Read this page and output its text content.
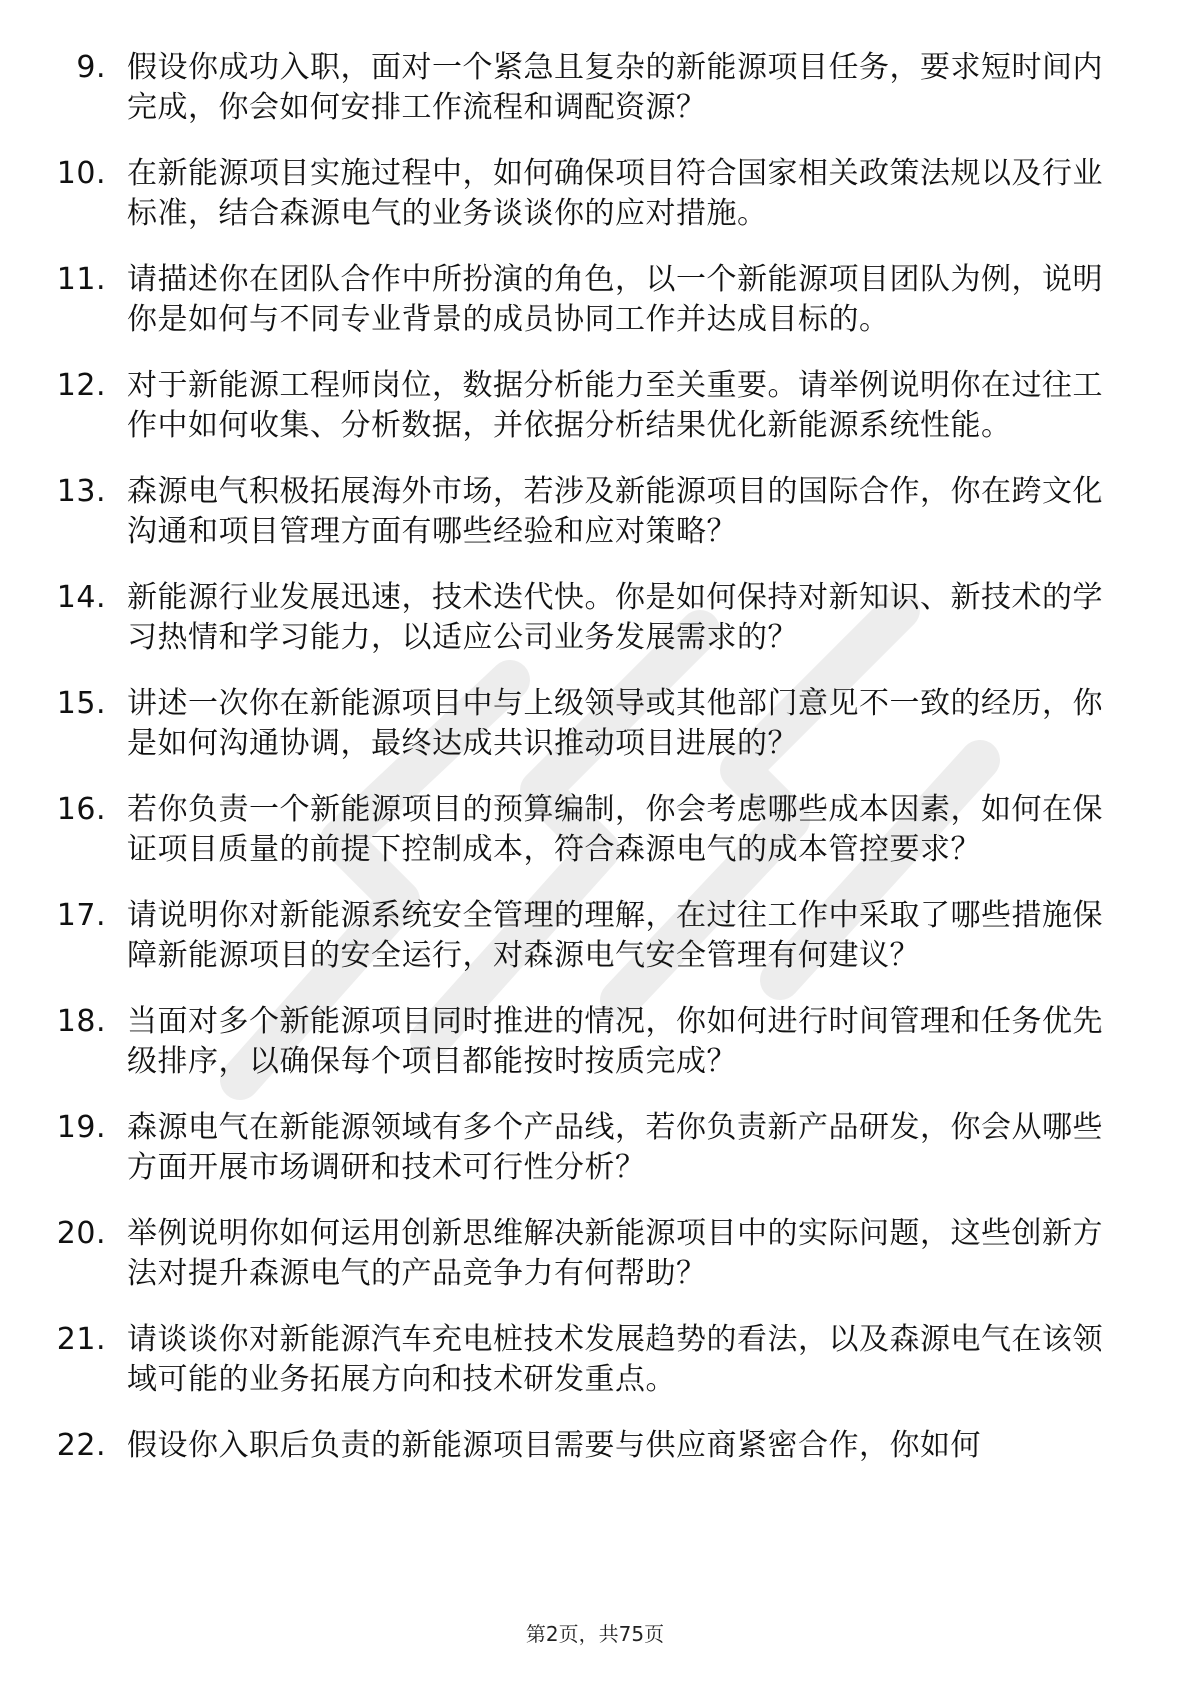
9. 假设你成功入职，面对一个紧急且复杂的新能源项目任务，要求短时间内完成，你会如何安排工作流程和调配资源？
10. 在新能源项目实施过程中，如何确保项目符合国家相关政策法规以及行业标准，结合森源电气的业务谈谈你的应对措施。
11. 请描述你在团队合作中所扮演的角色，以一个新能源项目团队为例，说明你是如何与不同专业背景的成员协同工作并达成目标的。
12. 对于新能源工程师岗位，数据分析能力至关重要。请举例说明你在过往工作中如何收集、分析数据，并依据分析结果优化新能源系统性能。
13. 森源电气积极拓展海外市场，若涉及新能源项目的国际合作，你在跨文化沟通和项目管理方面有哪些经验和应对策略？
14. 新能源行业发展迅速，技术迭代快。你是如何保持对新知识、新技术的学习热情和学习能力，以适应公司业务发展需求的？
15. 讲述一次你在新能源项目中与上级领导或其他部门意见不一致的经历，你是如何沟通协调，最终达成共识推动项目进展的？
16. 若你负责一个新能源项目的预算编制，你会考虑哪些成本因素，如何在保证项目质量的前提下控制成本，符合森源电气的成本管控要求？
17. 请说明你对新能源系统安全管理的理解，在过往工作中采取了哪些措施保障新能源项目的安全运行，对森源电气安全管理有何建议？
18. 当面对多个新能源项目同时推进的情况，你如何进行时间管理和任务优先级排序，以确保每个项目都能按时按质完成？
19. 森源电气在新能源领域有多个产品线，若你负责新产品研发，你会从哪些方面开展市场调研和技术可行性分析？
20. 举例说明你如何运用创新思维解决新能源项目中的实际问题，这些创新方法对提升森源电气的产品竞争力有何帮助？
21. 请谈谈你对新能源汽车充电桩技术发展趋势的看法，以及森源电气在该领域可能的业务拓展方向和技术研发重点。
22. 假设你入职后负责的新能源项目需要与供应商紧密合作，你如何
第2页，共75页
